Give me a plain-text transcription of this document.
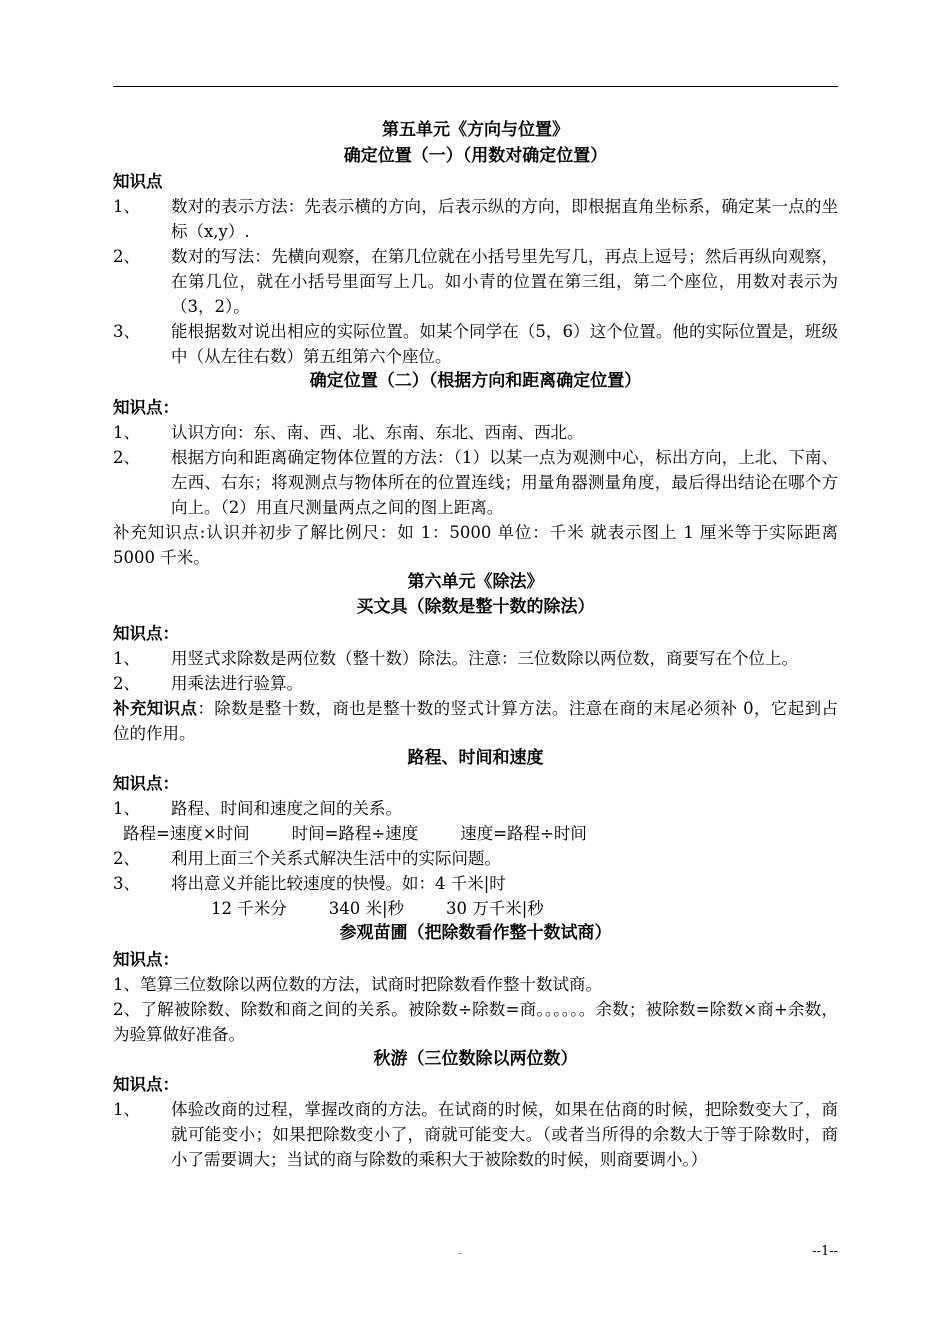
第五单元《方向与位置》
确定位置（一）（用数对确定位置）
知识点
1、	数对的表示方法：先表示横的方向，后表示纵的方向，即根据直角坐标系，确定某一点的坐标（x,y）.
2、	数对的写法：先横向观察，在第几位就在小括号里先写几，再点上逗号；然后再纵向观察，在第几位，就在小括号里面写上几。如小青的位置在第三组，第二个座位，用数对表示为（3，2）。
3、	能根据数对说出相应的实际位置。如某个同学在（5，6）这个位置。他的实际位置是，班级中（从左往右数）第五组第六个座位。
确定位置（二）（根据方向和距离确定位置）
知识点：
1、	认识方向：东、南、西、北、东南、东北、西南、西北。
2、	根据方向和距离确定物体位置的方法：（1）以某一点为观测中心，标出方向，上北、下南、左西、右东；将观测点与物体所在的位置连线；用量角器测量角度，最后得出结论在哪个方向上。（2）用直尺测量两点之间的图上距离。
补充知识点:认识并初步了解比例尺：如 1：5000 单位：千米 就表示图上 1 厘米等于实际距离 5000 千米。
第六单元《除法》
买文具（除数是整十数的除法）
知识点：
1、	用竖式求除数是两位数（整十数）除法。注意：三位数除以两位数，商要写在个位上。
2、	用乘法进行验算。
补充知识点：除数是整十数，商也是整十数的竖式计算方法。注意在商的末尾必须补 0，它起到占位的作用。
路程、时间和速度
知识点：
1、	路程、时间和速度之间的关系。
路程=速度×时间        时间=路程÷速度        速度=路程÷时间
2、	利用上面三个关系式解决生活中的实际问题。
3、	将出意义并能比较速度的快慢。如：4 千米|时
12 千米分        340 米|秒        30 万千米|秒
参观苗圃（把除数看作整十数试商）
知识点：
1、笔算三位数除以两位数的方法，试商时把除数看作整十数试商。
2、了解被除数、除数和商之间的关系。被除数÷除数=商。。。。。。余数；被除数=除数×商+余数，为验算做好准备。
秋游（三位数除以两位数）
知识点：
1、	体验改商的过程，掌握改商的方法。在试商的时候，如果在估商的时候，把除数变大了，商就可能变小；如果把除数变小了，商就可能变大。（或者当所得的余数大于等于除数时，商小了需要调大；当试的商与除数的乘积大于被除数的时候，则商要调小。）
-	--1--
